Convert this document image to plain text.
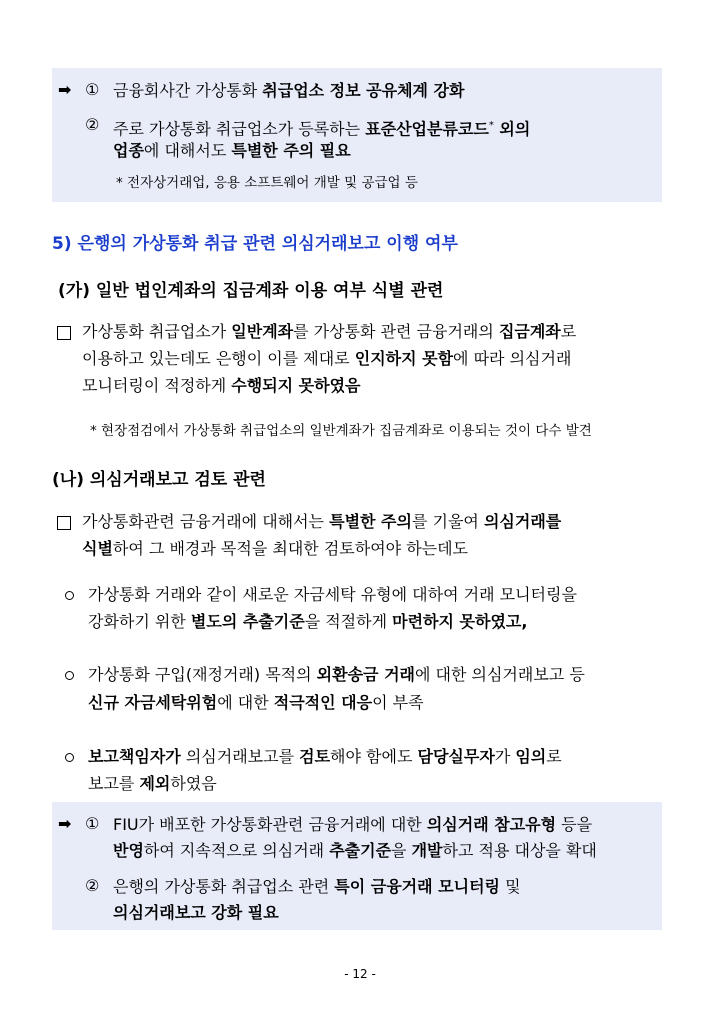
➡ ① 금융회사간 가상통화 취급업소 정보 공유체계 강화
② 주로 가상통화 취급업소가 등록하는 표준산업분류코드* 외의
업종에 대해서도 특별한 주의 필요
* 전자상거래업, 응용 소프트웨어 개발 및 공급업 등
5) 은행의 가상통화 취급 관련 의심거래보고 이행 여부
(가) 일반 법인계좌의 집금계좌 이용 여부 식별 관련
가상통화 취급업소가 일반계좌를 가상통화 관련 금융거래의 집금계좌로
이용하고 있는데도 은행이 이를 제대로 인지하지 못함에 따라 의심거래
모니터링이 적정하게 수행되지 못하였음
* 현장점검에서 가상통화 취급업소의 일반계좌가 집금계좌로 이용되는 것이 다수 발견
(나) 의심거래보고 검토 관련
가상통화관련 금융거래에 대해서는 특별한 주의를 기울여 의심거래를
식별하여 그 배경과 목적을 최대한 검토하여야 하는데도
가상통화 거래와 같이 새로운 자금세탁 유형에 대하여 거래 모니터링을
강화하기 위한 별도의 추출기준을 적절하게 마련하지 못하였고,
가상통화 구입(재정거래) 목적의 외환송금 거래에 대한 의심거래보고 등
신규 자금세탁위험에 대한 적극적인 대응이 부족
보고책임자가 의심거래보고를 검토해야 함에도 담당실무자가 임의로
보고를 제외하였음
➡ ① FIU가 배포한 가상통화관련 금융거래에 대한 의심거래 참고유형 등을
반영하여 지속적으로 의심거래 추출기준을 개발하고 적용 대상을 확대
② 은행의 가상통화 취급업소 관련 특이 금융거래 모니터링 및
의심거래보고 강화 필요
- 12 -
